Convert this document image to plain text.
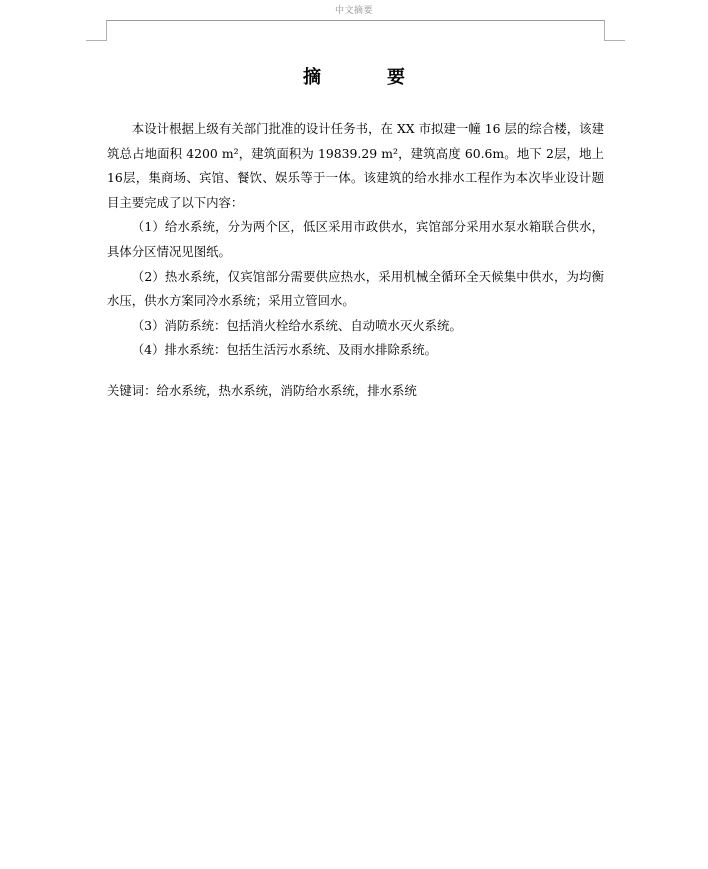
中文摘要
摘　要

本设计根据上级有关部门批准的设计任务书，在 XX 市拟建一幢 16 层的综合楼，该建筑总占地面积 4200 m²，建筑面积为 19839.29 m²，建筑高度 60.6m。地下 2层，地上 16层，集商场、宾馆、餐饮、娱乐等于一体。该建筑的给水排水工程作为本次毕业设计题目主要完成了以下内容：

（1）给水系统，分为两个区，低区采用市政供水，宾馆部分采用水泵水箱联合供水，具体分区情况见图纸。

（2）热水系统，仅宾馆部分需要供应热水，采用机械全循环全天候集中供水，为均衡水压，供水方案同冷水系统；采用立管回水。

（3）消防系统：包括消火栓给水系统、自动喷水灭火系统。

（4）排水系统：包括生活污水系统、及雨水排除系统。

关键词：给水系统，热水系统，消防给水系统，排水系统
